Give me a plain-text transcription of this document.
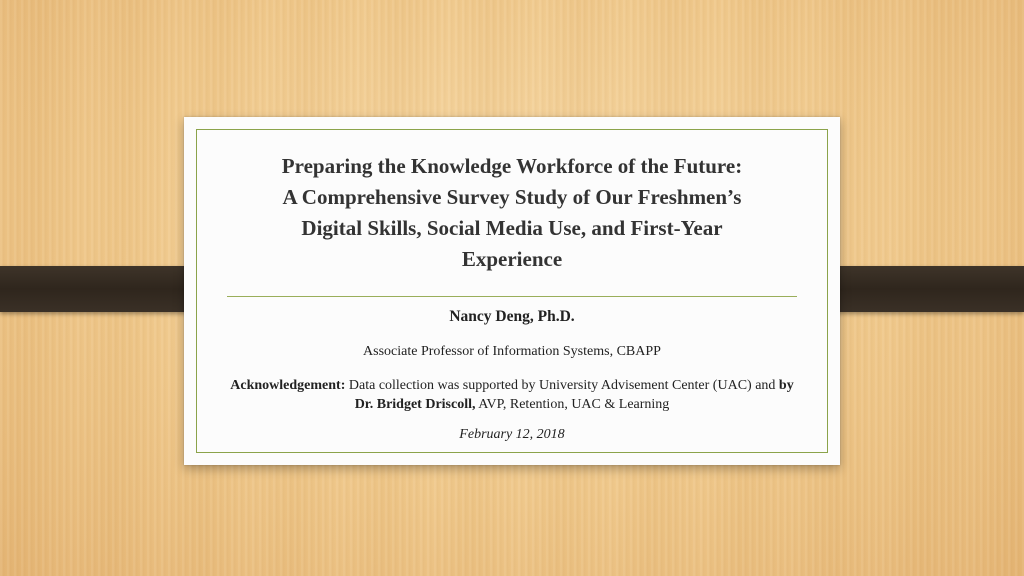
Preparing the Knowledge Workforce of the Future:
A Comprehensive Survey Study of Our Freshmen’s
Digital Skills, Social Media Use, and First-Year
Experience
Nancy Deng, Ph.D.
Associate Professor of Information Systems, CBAPP
Acknowledgement: Data collection was supported by University Advisement Center (UAC) and by Dr. Bridget Driscoll, AVP, Retention, UAC & Learning
February 12, 2018
